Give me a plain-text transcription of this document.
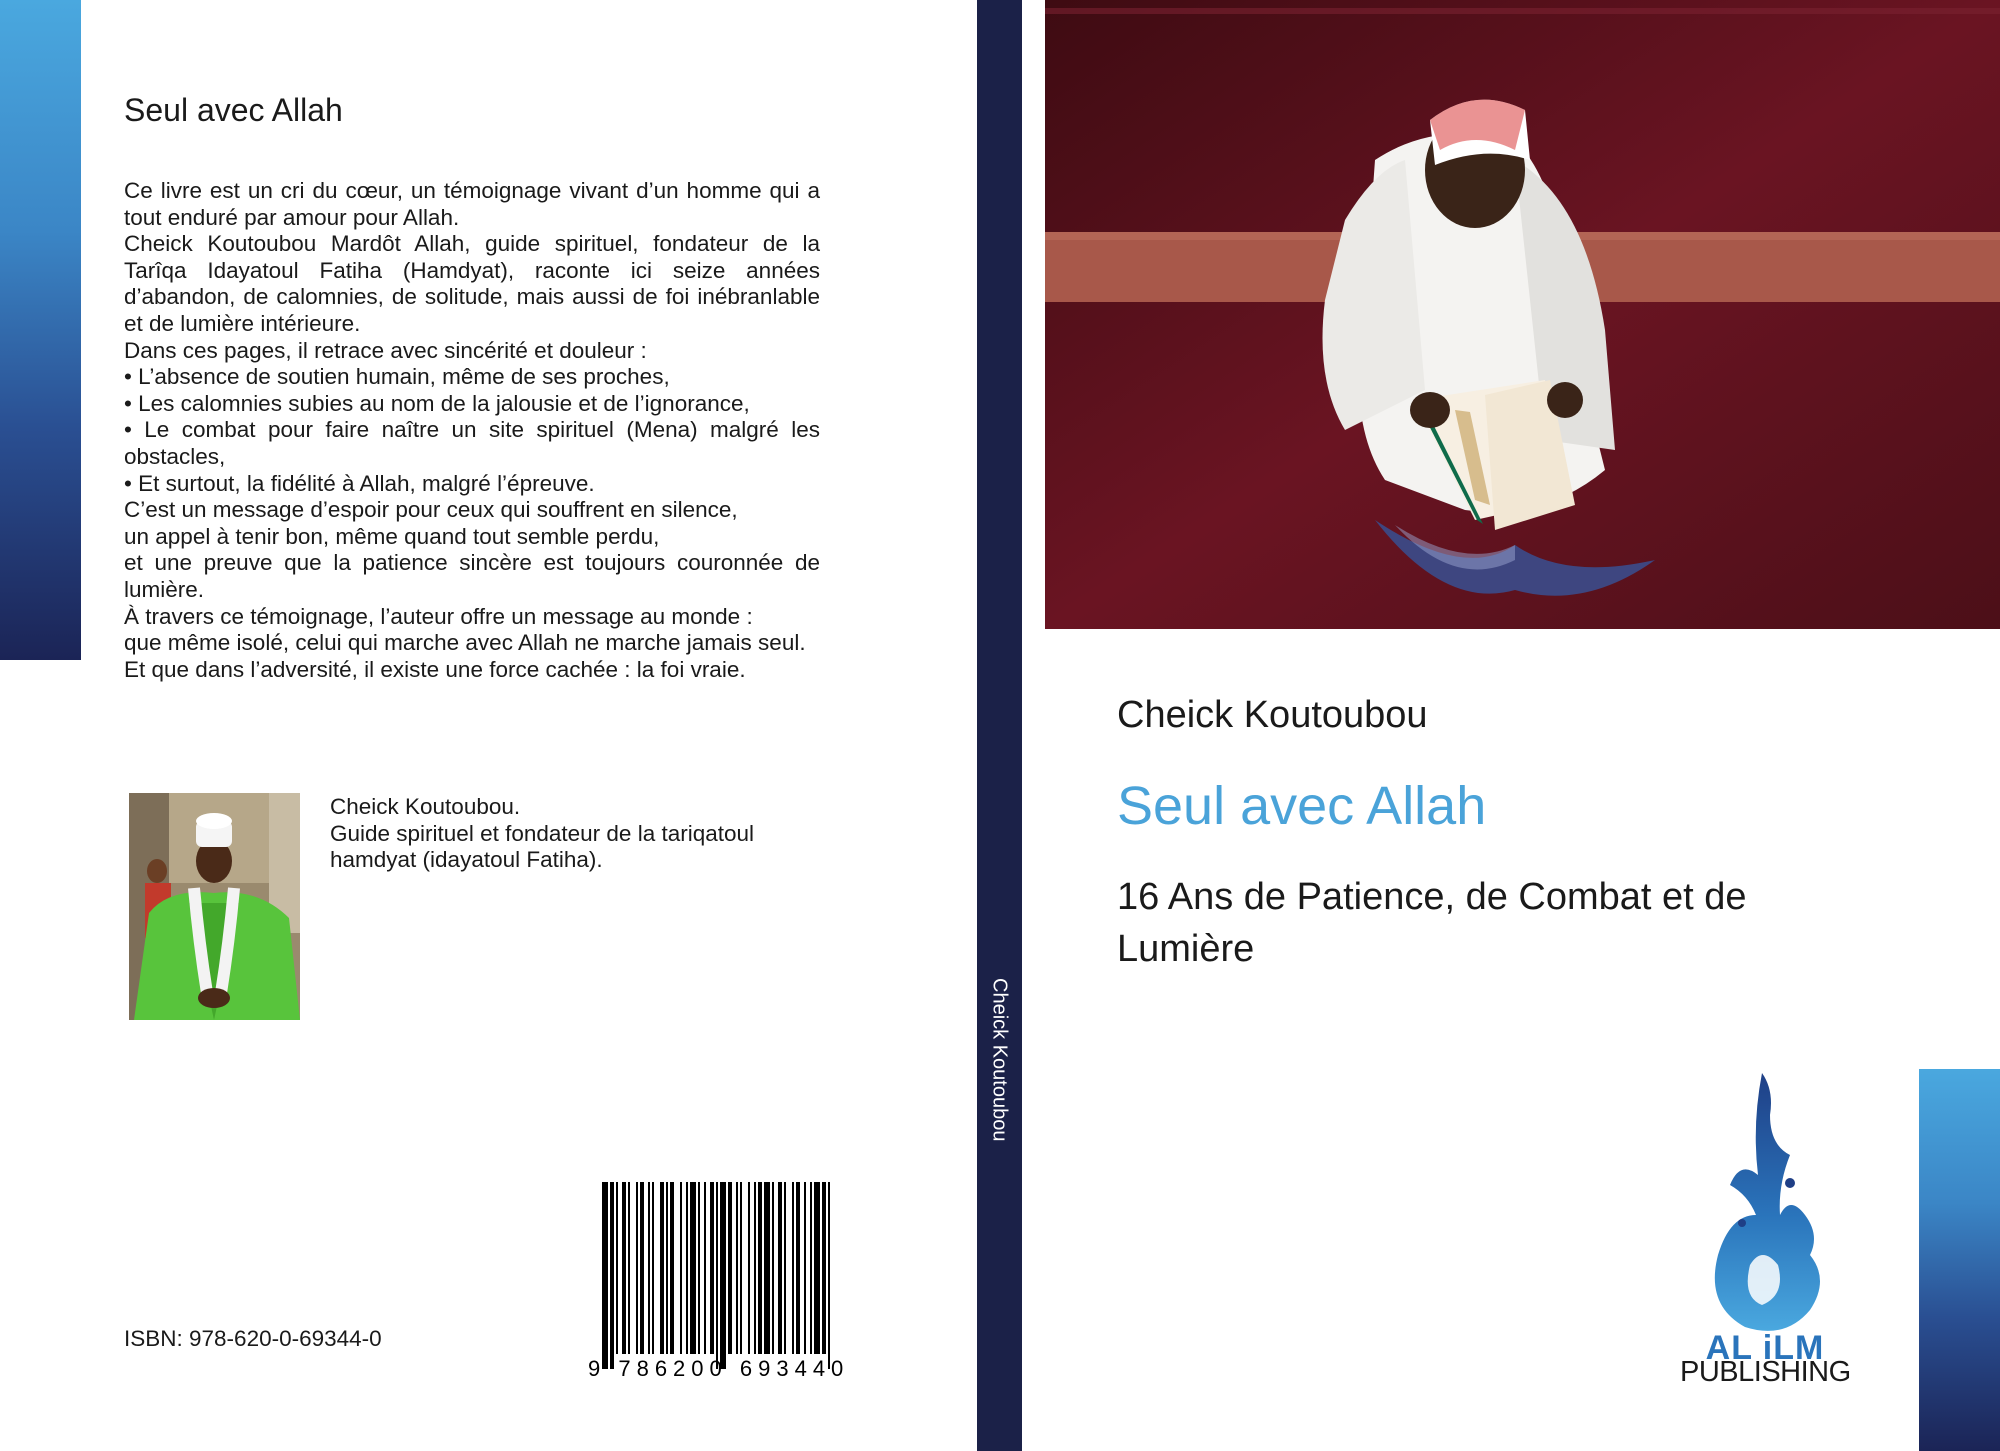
Seul avec Allah

Ce livre est un cri du cœur, un témoignage vivant d’un homme qui a tout enduré par amour pour Allah.

Cheick Koutoubou Mardôt Allah, guide spirituel, fondateur de la Tarîqa Idayatoul Fatiha (Hamdyat), raconte ici seize années d’abandon, de calomnies, de solitude, mais aussi de foi inébranlable et de lumière intérieure.

Dans ces pages, il retrace avec sincérité et douleur :

• L’absence de soutien humain, même de ses proches,

• Les calomnies subies au nom de la jalousie et de l’ignorance,

• Le combat pour faire naître un site spirituel (Mena) malgré les obstacles,

• Et surtout, la fidélité à Allah, malgré l’épreuve.

C’est un message d’espoir pour ceux qui souffrent en silence,

un appel à tenir bon, même quand tout semble perdu,

et une preuve que la patience sincère est toujours couronnée de lumière.

À travers ce témoignage, l’auteur offre un message au monde :

que même isolé, celui qui marche avec Allah ne marche jamais seul.

Et que dans l’adversité, il existe une force cachée : la foi vraie.

Cheick Koutoubou.
Guide spirituel et fondateur de la tariqatoul
hamdyat (idayatoul Fatiha).
ISBN: 978-620-0-69344-0
9 786200 693440
Cheick Koutoubou
Cheick Koutoubou
Seul avec Allah
16 Ans de Patience, de Combat et de Lumière
AL iLM
PUBLISHING
